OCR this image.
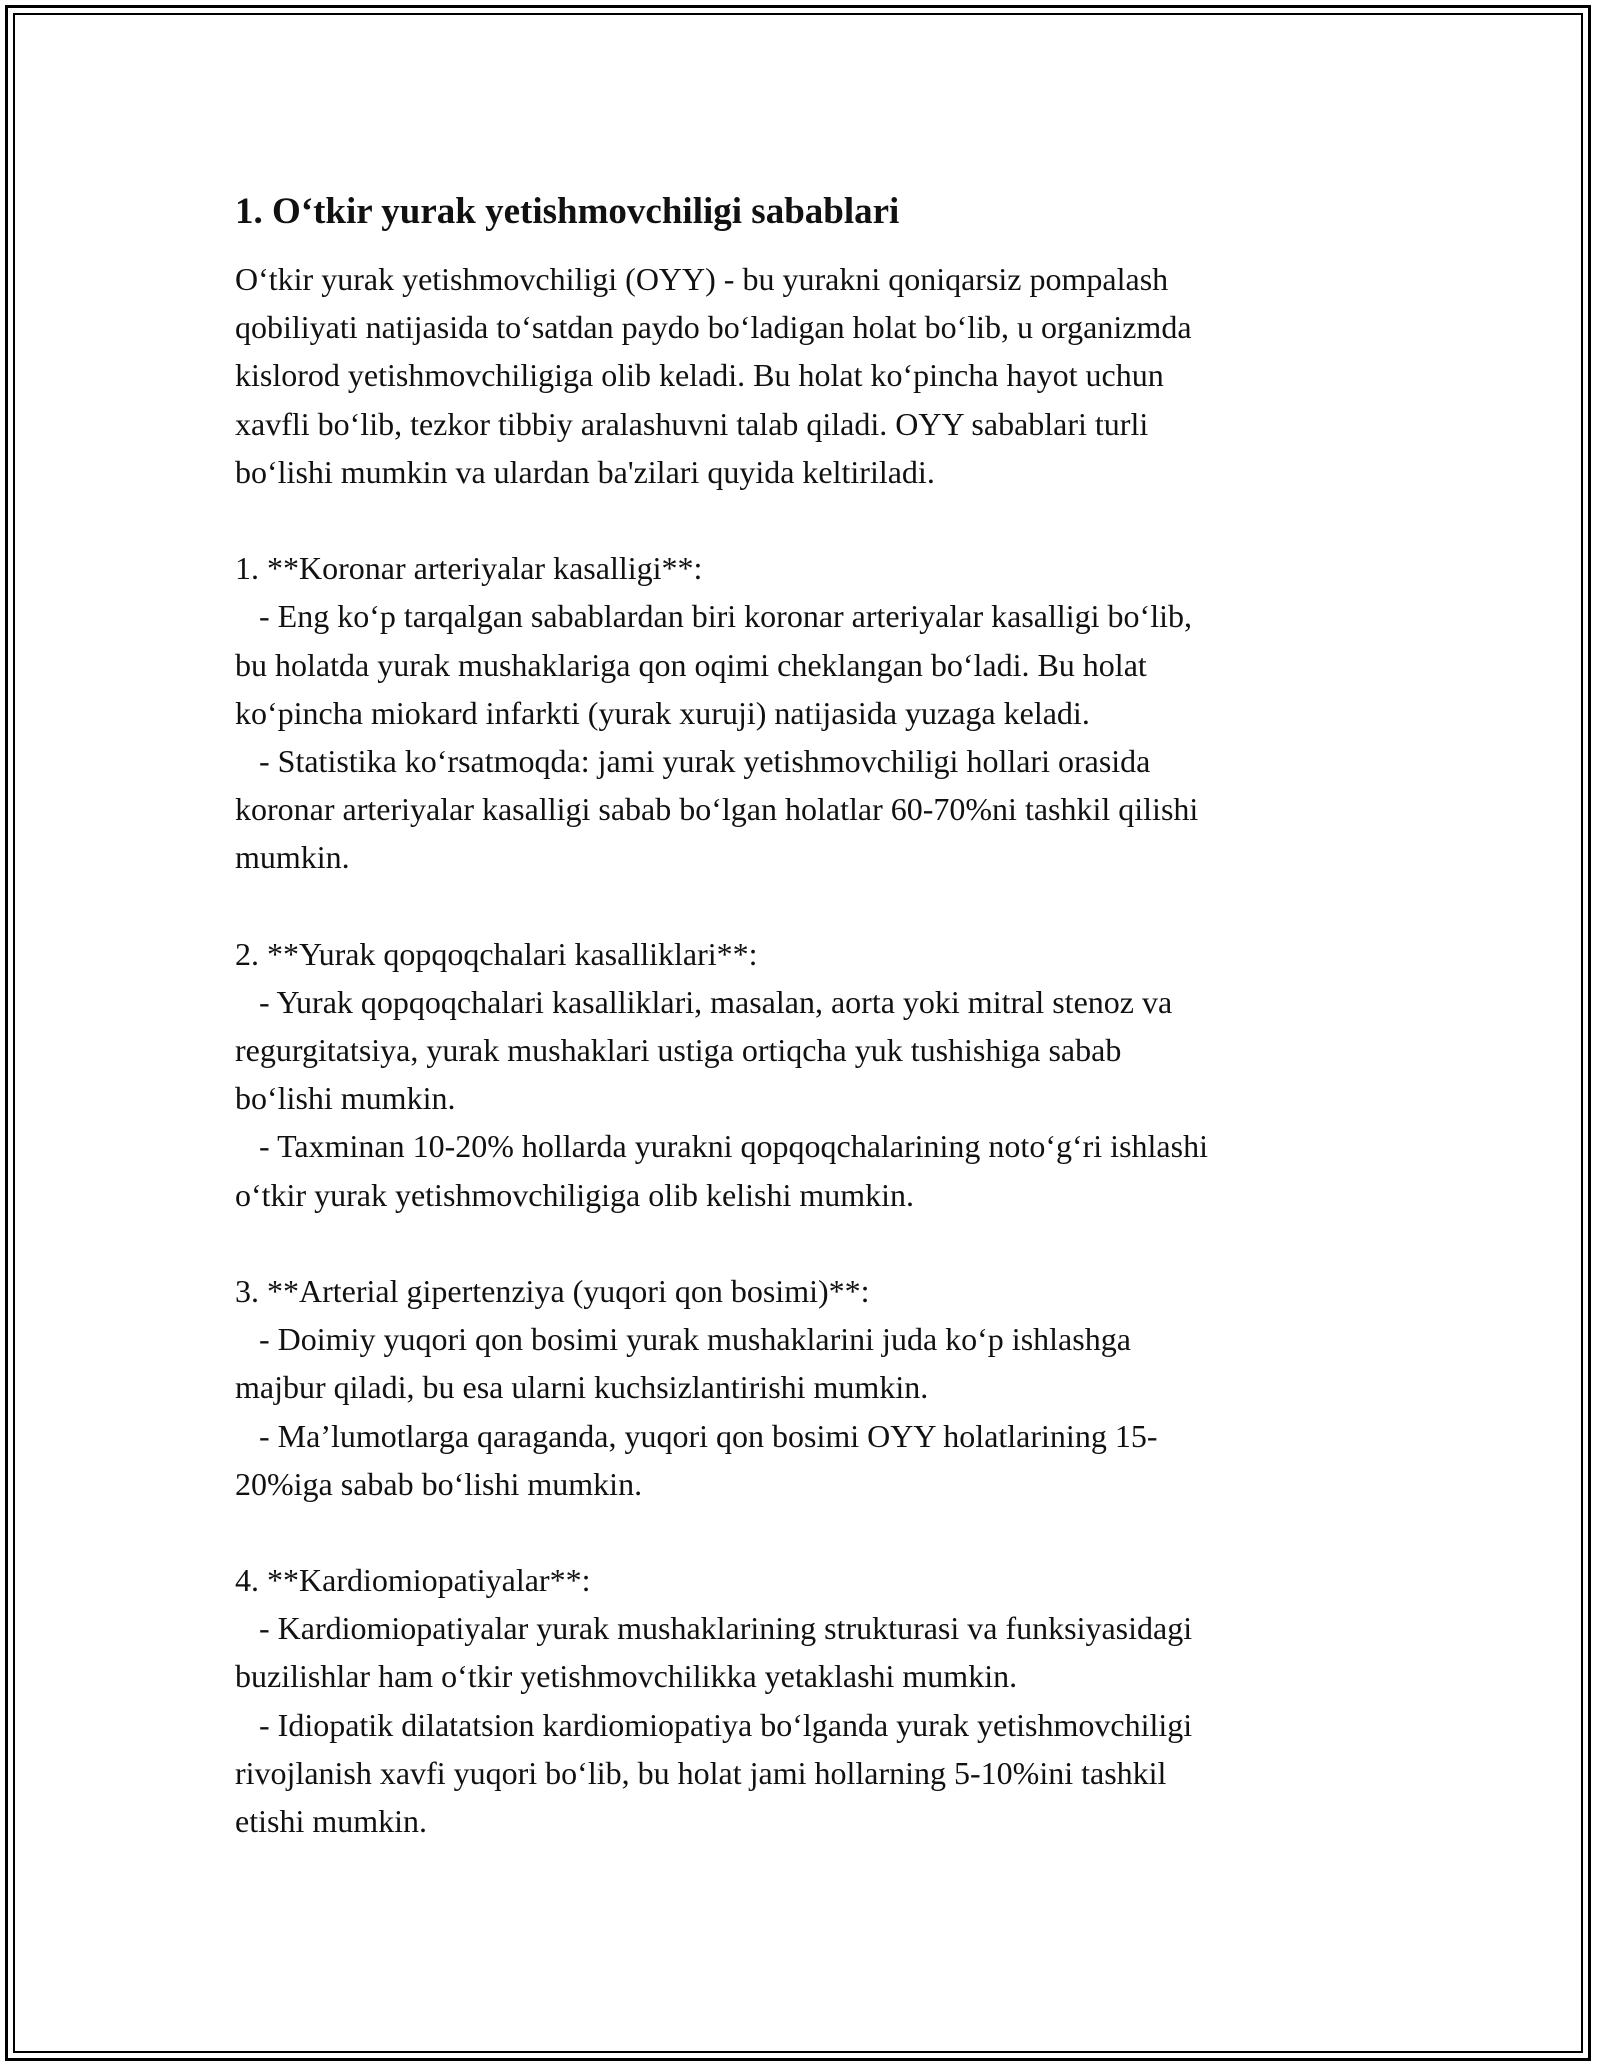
1. O‘tkir yurak yetishmovchiligi sabablari
O‘tkir yurak yetishmovchiligi (OYY) - bu yurakni qoniqarsiz pompalash
qobiliyati natijasida to‘satdan paydo bo‘ladigan holat bo‘lib, u organizmda
kislorod yetishmovchiligiga olib keladi. Bu holat ko‘pincha hayot uchun
xavfli bo‘lib, tezkor tibbiy aralashuvni talab qiladi. OYY sabablari turli
bo‘lishi mumkin va ulardan ba'zilari quyida keltiriladi.
1. **Koronar arteriyalar kasalligi**:
- Eng ko‘p tarqalgan sabablardan biri koronar arteriyalar kasalligi bo‘lib,
bu holatda yurak mushaklariga qon oqimi cheklangan bo‘ladi. Bu holat
ko‘pincha miokard infarkti (yurak xuruji) natijasida yuzaga keladi.
- Statistika ko‘rsatmoqda: jami yurak yetishmovchiligi hollari orasida
koronar arteriyalar kasalligi sabab bo‘lgan holatlar 60-70%ni tashkil qilishi
mumkin.
2. **Yurak qopqoqchalari kasalliklari**:
- Yurak qopqoqchalari kasalliklari, masalan, aorta yoki mitral stenoz va
regurgitatsiya, yurak mushaklari ustiga ortiqcha yuk tushishiga sabab
bo‘lishi mumkin.
- Taxminan 10-20% hollarda yurakni qopqoqchalarining noto‘g‘ri ishlashi
o‘tkir yurak yetishmovchiligiga olib kelishi mumkin.
3. **Arterial gipertenziya (yuqori qon bosimi)**:
- Doimiy yuqori qon bosimi yurak mushaklarini juda ko‘p ishlashga
majbur qiladi, bu esa ularni kuchsizlantirishi mumkin.
- Ma’lumotlarga qaraganda, yuqori qon bosimi OYY holatlarining 15-
20%iga sabab bo‘lishi mumkin.
4. **Kardiomiopatiyalar**:
- Kardiomiopatiyalar yurak mushaklarining strukturasi va funksiyasidagi
buzilishlar ham o‘tkir yetishmovchilikka yetaklashi mumkin.
- Idiopatik dilatatsion kardiomiopatiya bo‘lganda yurak yetishmovchiligi
rivojlanish xavfi yuqori bo‘lib, bu holat jami hollarning 5-10%ini tashkil
etishi mumkin.
